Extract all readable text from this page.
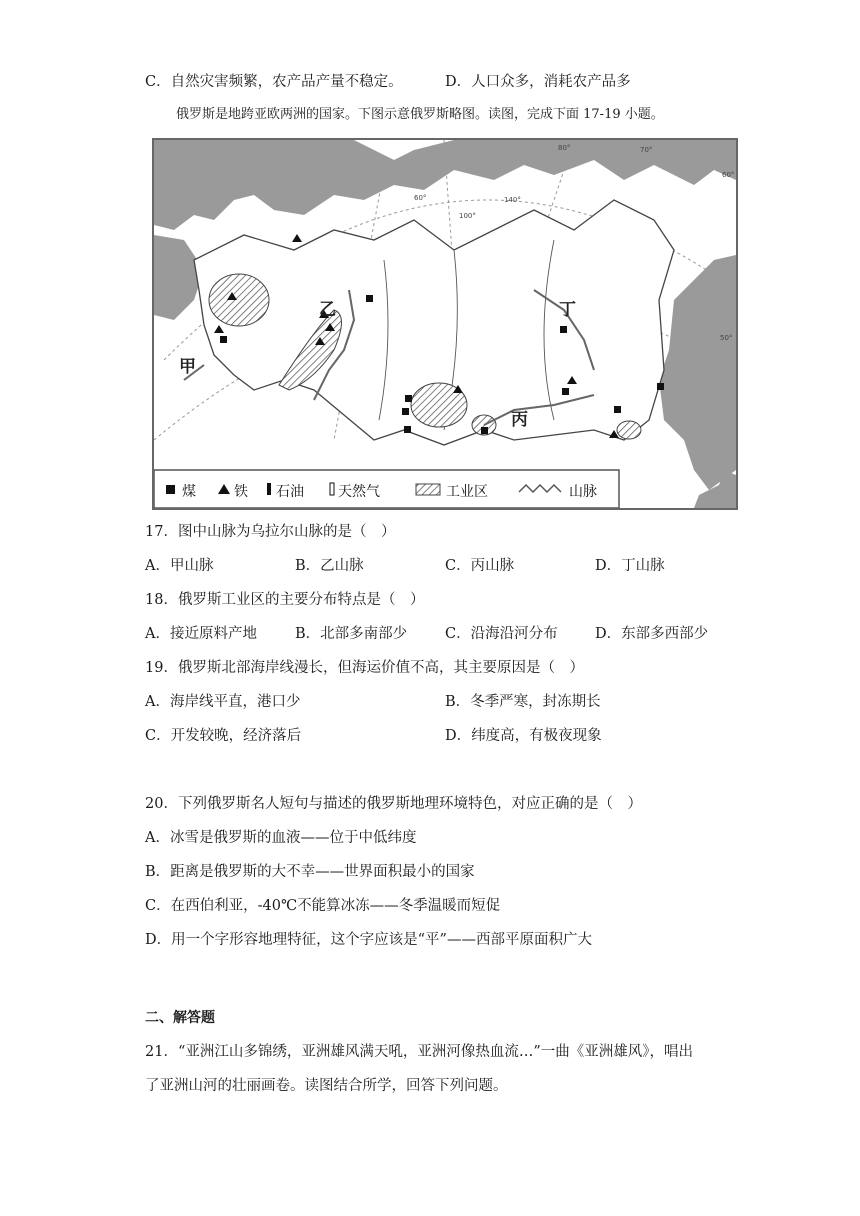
C．自然灾害频繁，农产品产量不稳定。	D．人口众多，消耗农产品多
俄罗斯是地跨亚欧两洲的国家。下图示意俄罗斯略图。读图，完成下面 17-19 小题。
甲
乙
丙
丁
80°	70°
60°
60°
100°
140°
50°
煤	铁 石油 天然气	工业区	山脉
17．图中山脉为乌拉尔山脉的是（　）
A．甲山脉	B．乙山脉	C．丙山脉	D．丁山脉
18．俄罗斯工业区的主要分布特点是（　）
A．接近原料产地	B．北部多南部少	C．沿海沿河分布	D．东部多西部少
19．俄罗斯北部海岸线漫长，但海运价值不高，其主要原因是（　）
A．海岸线平直，港口少	B．冬季严寒，封冻期长
C．开发较晚，经济落后	D．纬度高，有极夜现象
20．下列俄罗斯名人短句与描述的俄罗斯地理环境特色，对应正确的是（　）
A．冰雪是俄罗斯的血液——位于中低纬度
B．距离是俄罗斯的大不幸——世界面积最小的国家
C．在西伯利亚，-40℃不能算冰冻——冬季温暖而短促
D．用一个字形容地理特征，这个字应该是“平”——西部平原面积广大
二、解答题
21．“亚洲江山多锦绣，亚洲雄风满天吼，亚洲河像热血流…”一曲《亚洲雄风》，唱出
了亚洲山河的壮丽画卷。读图结合所学，回答下列问题。
